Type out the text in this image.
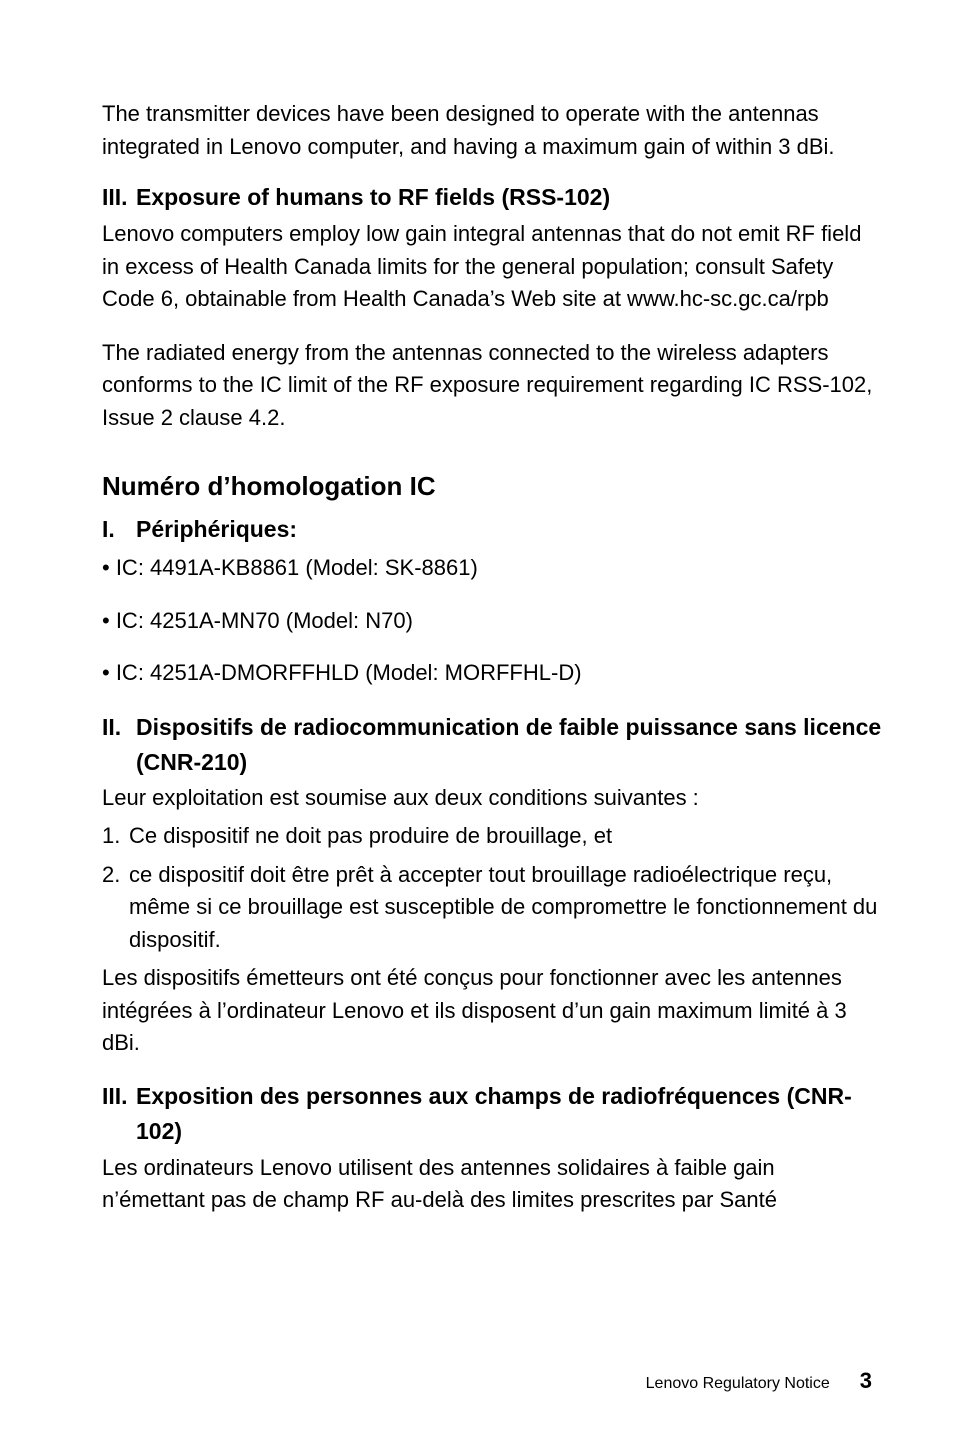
The transmitter devices have been designed to operate with the antennas integrated in Lenovo computer, and having a maximum gain of within 3 dBi.

III. Exposure of humans to RF fields (RSS-102)

Lenovo computers employ low gain integral antennas that do not emit RF field in excess of Health Canada limits for the general population; consult Safety Code 6, obtainable from Health Canada’s Web site at www.hc-sc.gc.ca/rpb

The radiated energy from the antennas connected to the wireless adapters conforms to the IC limit of the RF exposure requirement regarding IC RSS-102, Issue 2 clause 4.2.

Numéro d’homologation IC
I. Périphériques:

• IC: 4491A-KB8861 (Model: SK-8861)

• IC: 4251A-MN70 (Model: N70)

• IC: 4251A-DMORFFHLD (Model: MORFFHL-D)

II. Dispositifs de radiocommunication de faible puissance sans licence (CNR-210)

Leur exploitation est soumise aux deux conditions suivantes :

1. Ce dispositif ne doit pas produire de brouillage, et
2. ce dispositif doit être prêt à accepter tout brouillage radioélectrique reçu, même si ce brouillage est susceptible de compromettre le fonctionnement du dispositif.

Les dispositifs émetteurs ont été conçus pour fonctionner avec les antennes intégrées à l’ordinateur Lenovo et ils disposent d’un gain maximum limité à 3 dBi.

III. Exposition des personnes aux champs de radiofréquences (CNR-102)

Les ordinateurs Lenovo utilisent des antennes solidaires à faible gain n’émettant pas de champ RF au-delà des limites prescrites par Santé

Lenovo Regulatory Notice 3
